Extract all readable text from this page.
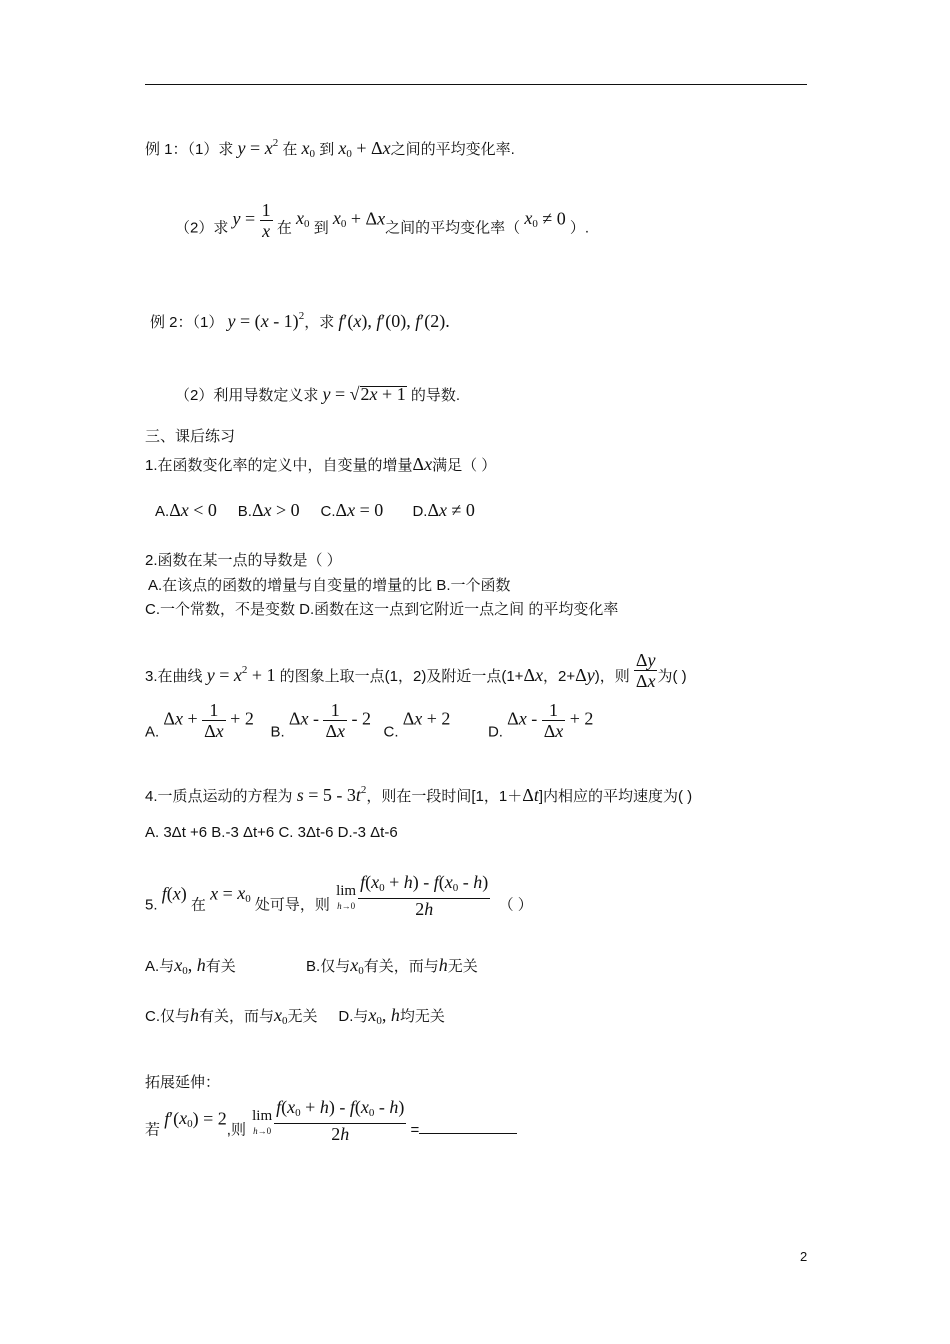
例 1：（1）求 $y = x^2$ 在 $x_0$ 到 $x_0 + \Delta x$之间的平均变化率.
（2）求 $y = \frac{1}{x}$ 在 $x_0$ 到 $x_0 + \Delta x$之间的平均变化率（ $x_0 \ne 0$ ）.
例 2：（1） y = (x - 1)$^2$，求 f′(x), f′(0), f′(2).
（2）利用导数定义求 y = √2x + 1 的导数.
三、课后练习
1.在函数变化率的定义中，自变量的增量Δx满足（ ）
A.Δx < 0 B.Δx > 0 C.Δx = 0 D.Δx ≠ 0
2.函数在某一点的导数是（ ）
A.在该点的函数的增量与自变量的增量的比 B.一个函数
C.一个常数，不是变数 D.函数在这一点到它附近一点之间 的平均变化率
3.在曲线 $y = x^2 + 1$ 的图象上取一点(1，2)及附近一点(1+Δx，2+Δy)，则 $\frac{\Delta y}{\Delta x}$ 为( )
A. $\Delta x + \frac{1}{\Delta x} + 2$    B. Δx - $\frac{1}{\Delta x} - 2$   C. Δx + 2         D. $\Delta x - \frac{1}{\Delta x} + 2$
4.一质点运动的方程为 $s = 5 - 3t^2$，则在一段时间[1，1＋Δt]内相应的平均速度为( )
A. 3Δt +6 B.-3 Δt+6 C. 3Δt-6 D.-3 Δt-6
5. f(x) 在 $x = x_0$ 处可导，则
lim
$h\to 0 \frac{f(x_0 + h) - f(x_0 - h)}{2h}$ （ ）
A.与$x_0$, h有关	B.仅与$x_0$有关，而与h无关
C.仅与h有关，而与$x_0$无关 D.与$x_0$, h均无关
拓展延伸：
若 $f'(x_0) = 2$,则
lim
$h\to 0 \frac{f(x_0 + h) - f(x_0 - h)}{2h}$ =
2
